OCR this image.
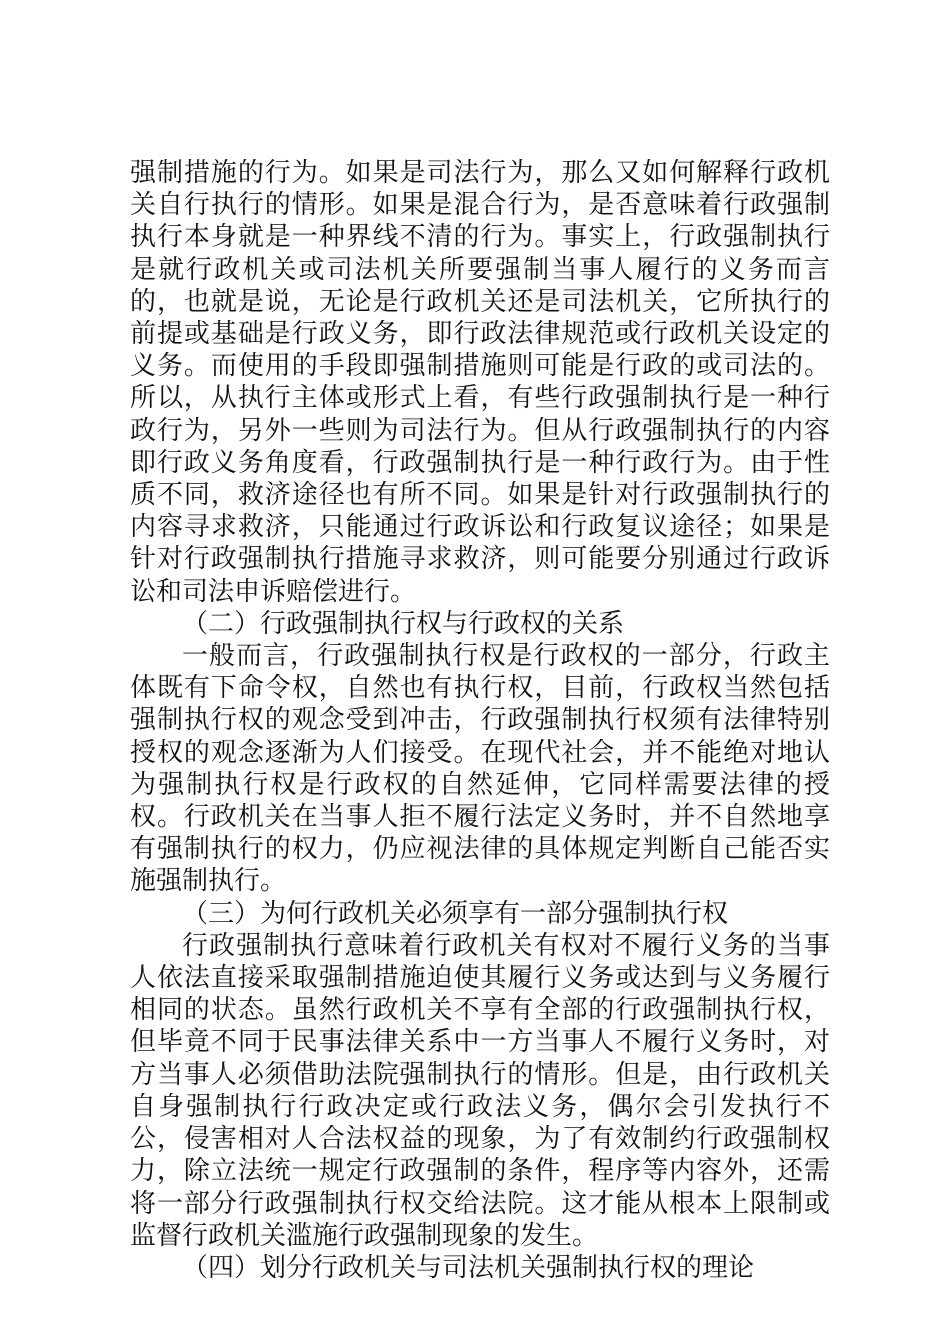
强制措施的行为。如果是司法行为，那么又如何解释行政机关自行执行的情形。如果是混合行为，是否意味着行政强制执行本身就是一种界线不清的行为。事实上，行政强制执行是就行政机关或司法机关所要强制当事人履行的义务而言的，也就是说，无论是行政机关还是司法机关，它所执行的前提或基础是行政义务，即行政法律规范或行政机关设定的义务。而使用的手段即强制措施则可能是行政的或司法的。所以，从执行主体或形式上看，有些行政强制执行是一种行政行为，另外一些则为司法行为。但从行政强制执行的内容即行政义务角度看，行政强制执行是一种行政行为。由于性质不同，救济途径也有所不同。如果是针对行政强制执行的内容寻求救济，只能通过行政诉讼和行政复议途径；如果是针对行政强制执行措施寻求救济，则可能要分别通过行政诉讼和司法申诉赔偿进行。

（二）行政强制执行权与行政权的关系

一般而言，行政强制执行权是行政权的一部分，行政主体既有下命令权，自然也有执行权，目前，行政权当然包括强制执行权的观念受到冲击，行政强制执行权须有法律特别授权的观念逐渐为人们接受。在现代社会，并不能绝对地认为强制执行权是行政权的自然延伸，它同样需要法律的授权。行政机关在当事人拒不履行法定义务时，并不自然地享有强制执行的权力，仍应视法律的具体规定判断自己能否实施强制执行。

（三）为何行政机关必须享有一部分强制执行权

行政强制执行意味着行政机关有权对不履行义务的当事人依法直接采取强制措施迫使其履行义务或达到与义务履行相同的状态。虽然行政机关不享有全部的行政强制执行权，但毕竟不同于民事法律关系中一方当事人不履行义务时，对方当事人必须借助法院强制执行的情形。但是，由行政机关自身强制执行行政决定或行政法义务，偶尔会引发执行不公，侵害相对人合法权益的现象，为了有效制约行政强制权力，除立法统一规定行政强制的条件，程序等内容外，还需将一部分行政强制执行权交给法院。这才能从根本上限制或监督行政机关滥施行政强制现象的发生。

（四）划分行政机关与司法机关强制执行权的理论
